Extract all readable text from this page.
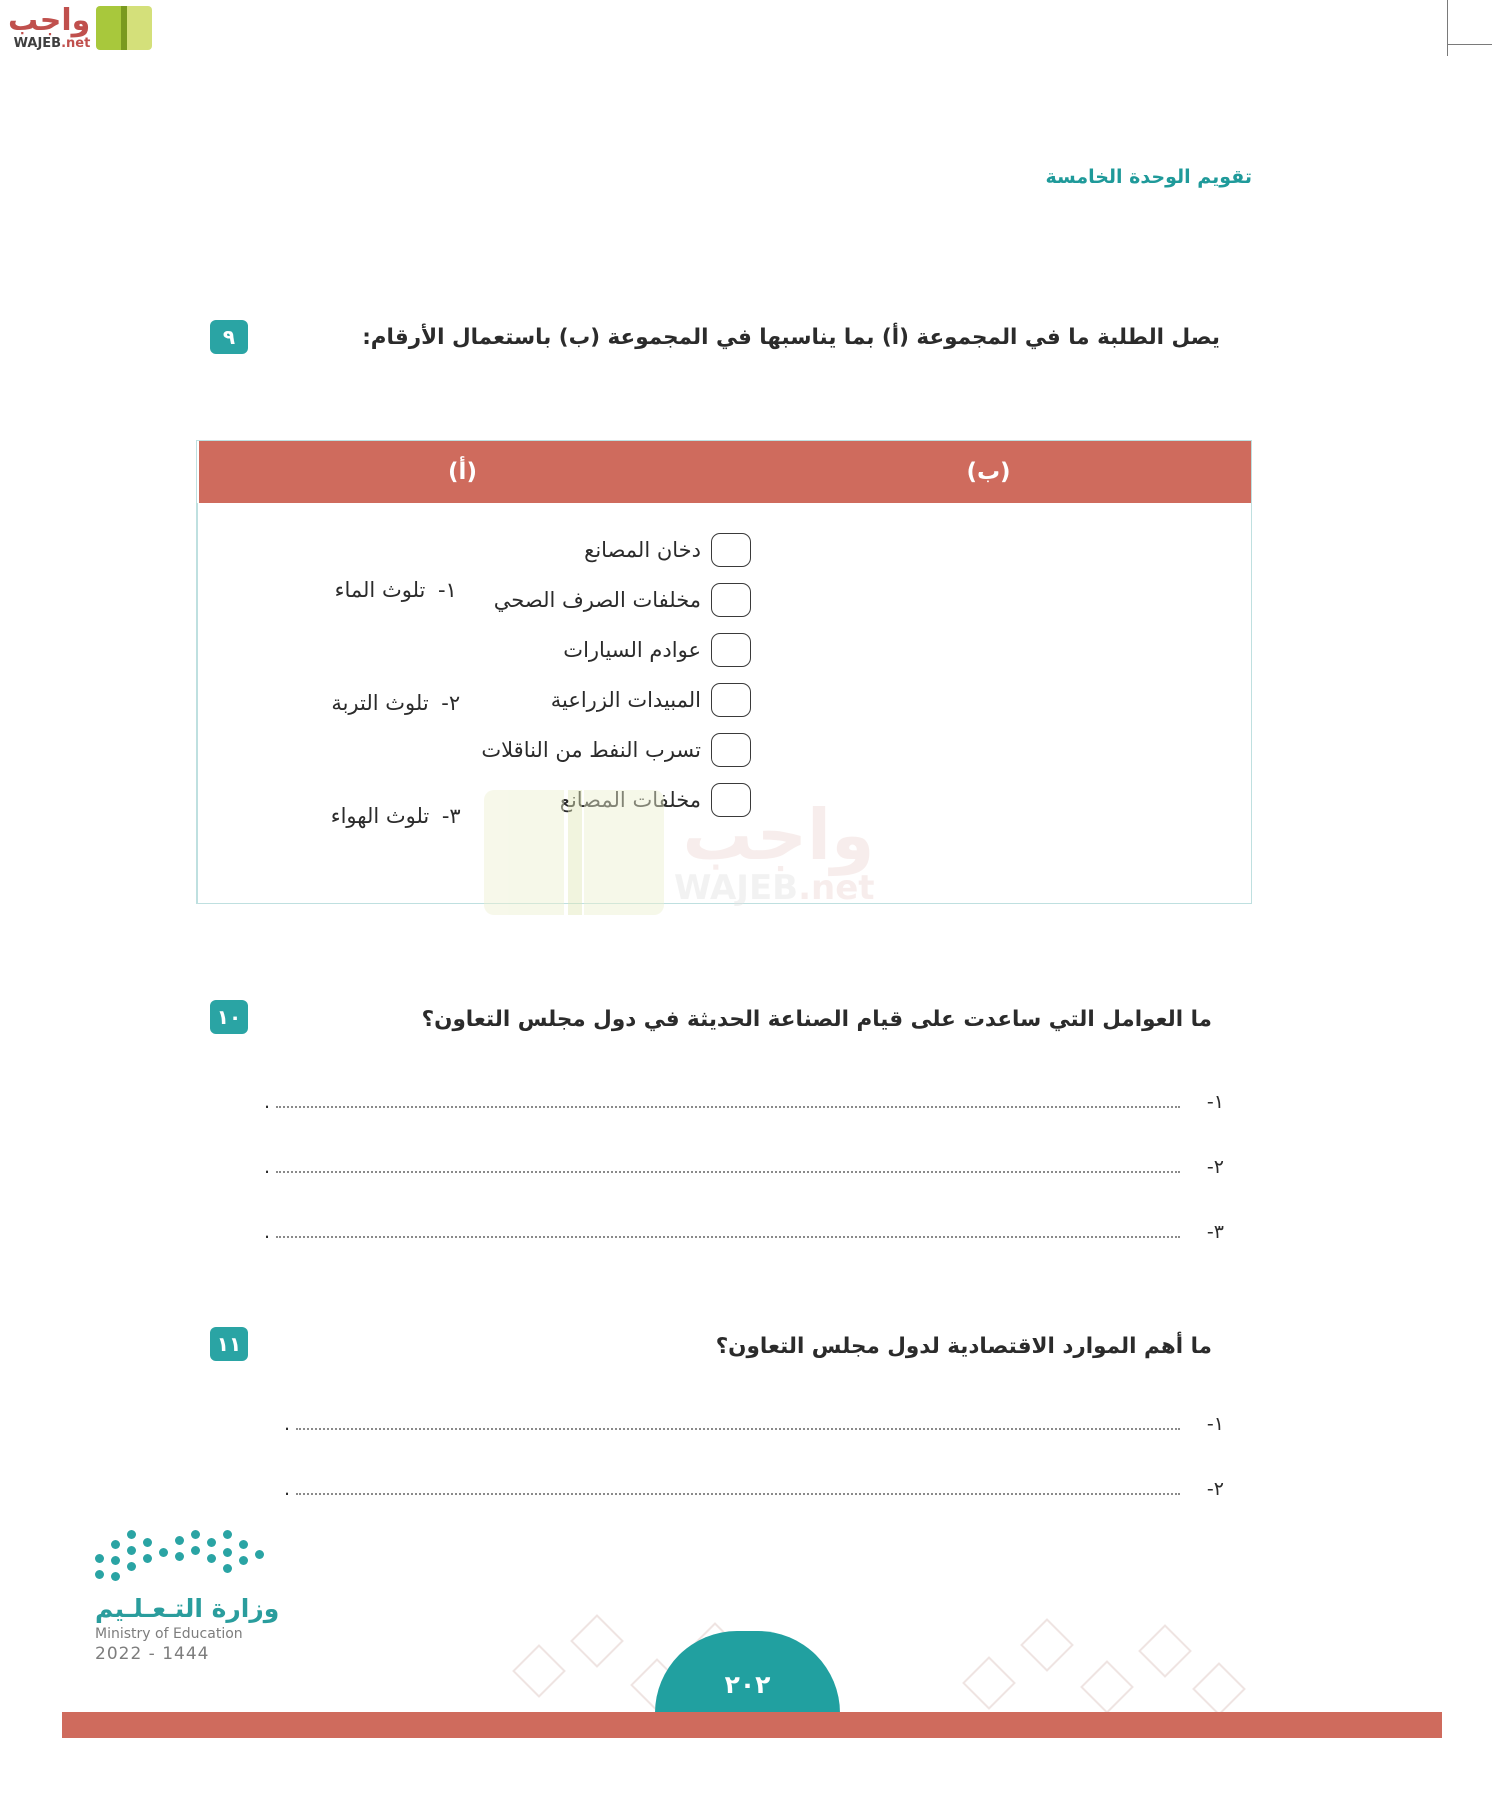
واجب
WAJEB.net
تقويم الوحدة الخامسة
٩	يصل الطلبة ما في المجموعة (أ) بما يناسبها في المجموعة (ب) باستعمال الأرقام:
(ب)
(أ)
دخان المصانع
مخلفات الصرف الصحي
عوادم السيارات
المبيدات الزراعية
تسرب النفط من الناقلات
مخلفات المصانع
١-تلوث الماء
٢-تلوث التربة
٣-تلوث الهواء	واجب
WAJEB.net
١٠	ما العوامل التي ساعدت على قيام الصناعة الحديثة في دول مجلس التعاون؟
١-
.
٢-
.
٣-
.
١١	ما أهم الموارد الاقتصادية لدول مجلس التعاون؟
١-
.
٢-
.
٢٠٢
وزارة التـعـلـيم
Ministry of Education
2022 - 1444
